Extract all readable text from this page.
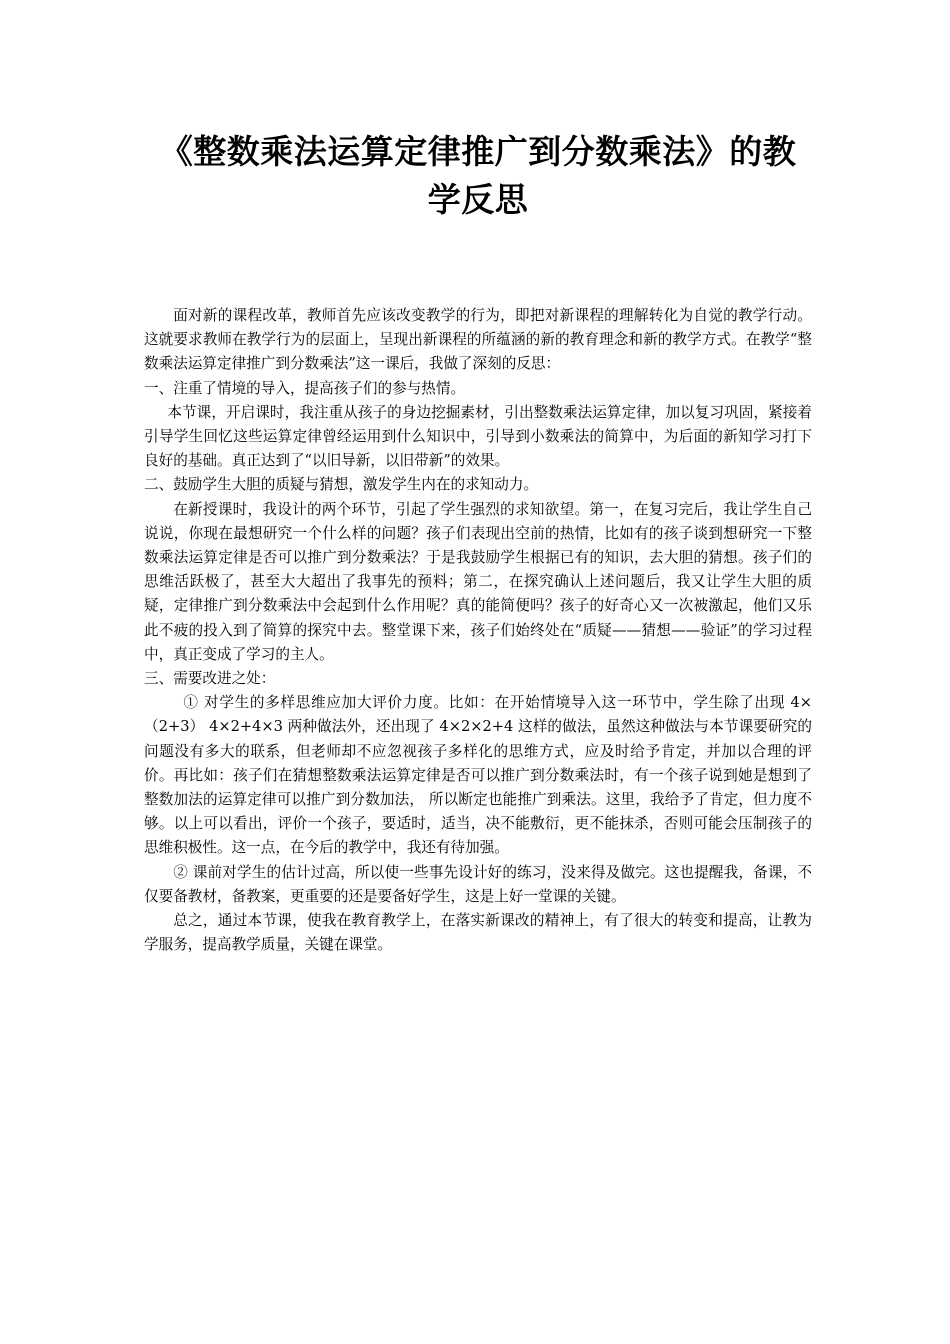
《整数乘法运算定律推广到分数乘法》的教学反思

面对新的课程改革，教师首先应该改变教学的行为，即把对新课程的理解转化为自觉的教学行动。这就要求教师在教学行为的层面上，呈现出新课程的所蕴涵的新的教育理念和新的教学方式。在教学“整数乘法运算定律推广到分数乘法”这一课后，我做了深刻的反思：

一、注重了情境的导入，提高孩子们的参与热情。

本节课，开启课时，我注重从孩子的身边挖掘素材，引出整数乘法运算定律，加以复习巩固，紧接着引导学生回忆这些运算定律曾经运用到什么知识中，引导到小数乘法的简算中，为后面的新知学习打下良好的基础。真正达到了“以旧导新，以旧带新”的效果。

二、鼓励学生大胆的质疑与猜想，激发学生内在的求知动力。

在新授课时，我设计的两个环节，引起了学生强烈的求知欲望。第一，在复习完后，我让学生自己说说，你现在最想研究一个什么样的问题？孩子们表现出空前的热情，比如有的孩子谈到想研究一下整数乘法运算定律是否可以推广到分数乘法？于是我鼓励学生根据已有的知识，去大胆的猜想。孩子们的思维活跃极了，甚至大大超出了我事先的预料；第二，在探究确认上述问题后，我又让学生大胆的质疑，定律推广到分数乘法中会起到什么作用呢？真的能简便吗？孩子的好奇心又一次被激起，他们又乐此不疲的投入到了简算的探究中去。整堂课下来，孩子们始终处在“质疑——猜想——验证”的学习过程中，真正变成了学习的主人。

三、需要改进之处：

① 对学生的多样思维应加大评价力度。比如：在开始情境导入这一环节中，学生除了出现 4×（2+3） 4×2+4×3 两种做法外，还出现了 4×2×2+4 这样的做法，虽然这种做法与本节课要研究的问题没有多大的联系，但老师却不应忽视孩子多样化的思维方式，应及时给予肯定，并加以合理的评价。再比如：孩子们在猜想整数乘法运算定律是否可以推广到分数乘法时，有一个孩子说到她是想到了整数加法的运算定律可以推广到分数加法， 所以断定也能推广到乘法。这里，我给予了肯定，但力度不够。以上可以看出，评价一个孩子，要适时，适当，决不能敷衍，更不能抹杀，否则可能会压制孩子的思维积极性。这一点，在今后的教学中，我还有待加强。

② 课前对学生的估计过高，所以使一些事先设计好的练习，没来得及做完。这也提醒我，备课，不仅要备教材，备教案，更重要的还是要备好学生，这是上好一堂课的关键。

总之，通过本节课，使我在教育教学上，在落实新课改的精神上，有了很大的转变和提高，让教为学服务，提高教学质量，关键在课堂。
